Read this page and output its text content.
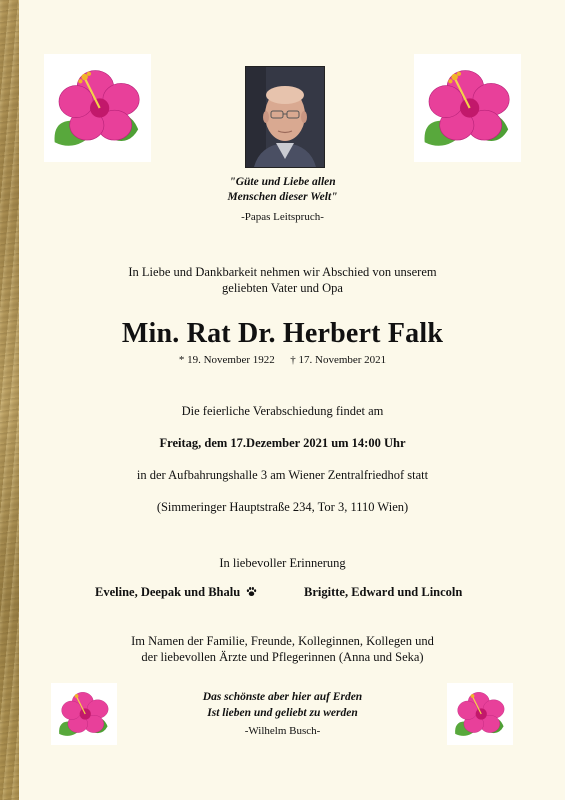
"Güte und Liebe allen
Menschen dieser Welt"
-Papas Leitspruch-
In Liebe und Dankbarkeit nehmen wir Abschied von unserem
geliebten Vater und Opa
Min. Rat Dr. Herbert Falk
* 19. November 1922 † 17. November 2021
Die feierliche Verabschiedung findet am
Freitag, dem 17.Dezember 2021 um 14:00 Uhr
in der Aufbahrungshalle 3 am Wiener Zentralfriedhof statt
(Simmeringer Hauptstraße 234, Tor 3, 1110 Wien)
In liebevoller Erinnerung
Eveline, Deepak und Bhalu	Brigitte, Edward und Lincoln
Im Namen der Familie, Freunde, Kolleginnen, Kollegen und
der liebevollen Ärzte und Pflegerinnen (Anna und Seka)
Das schönste aber hier auf Erden
Ist lieben und geliebt zu werden
-Wilhelm Busch-
